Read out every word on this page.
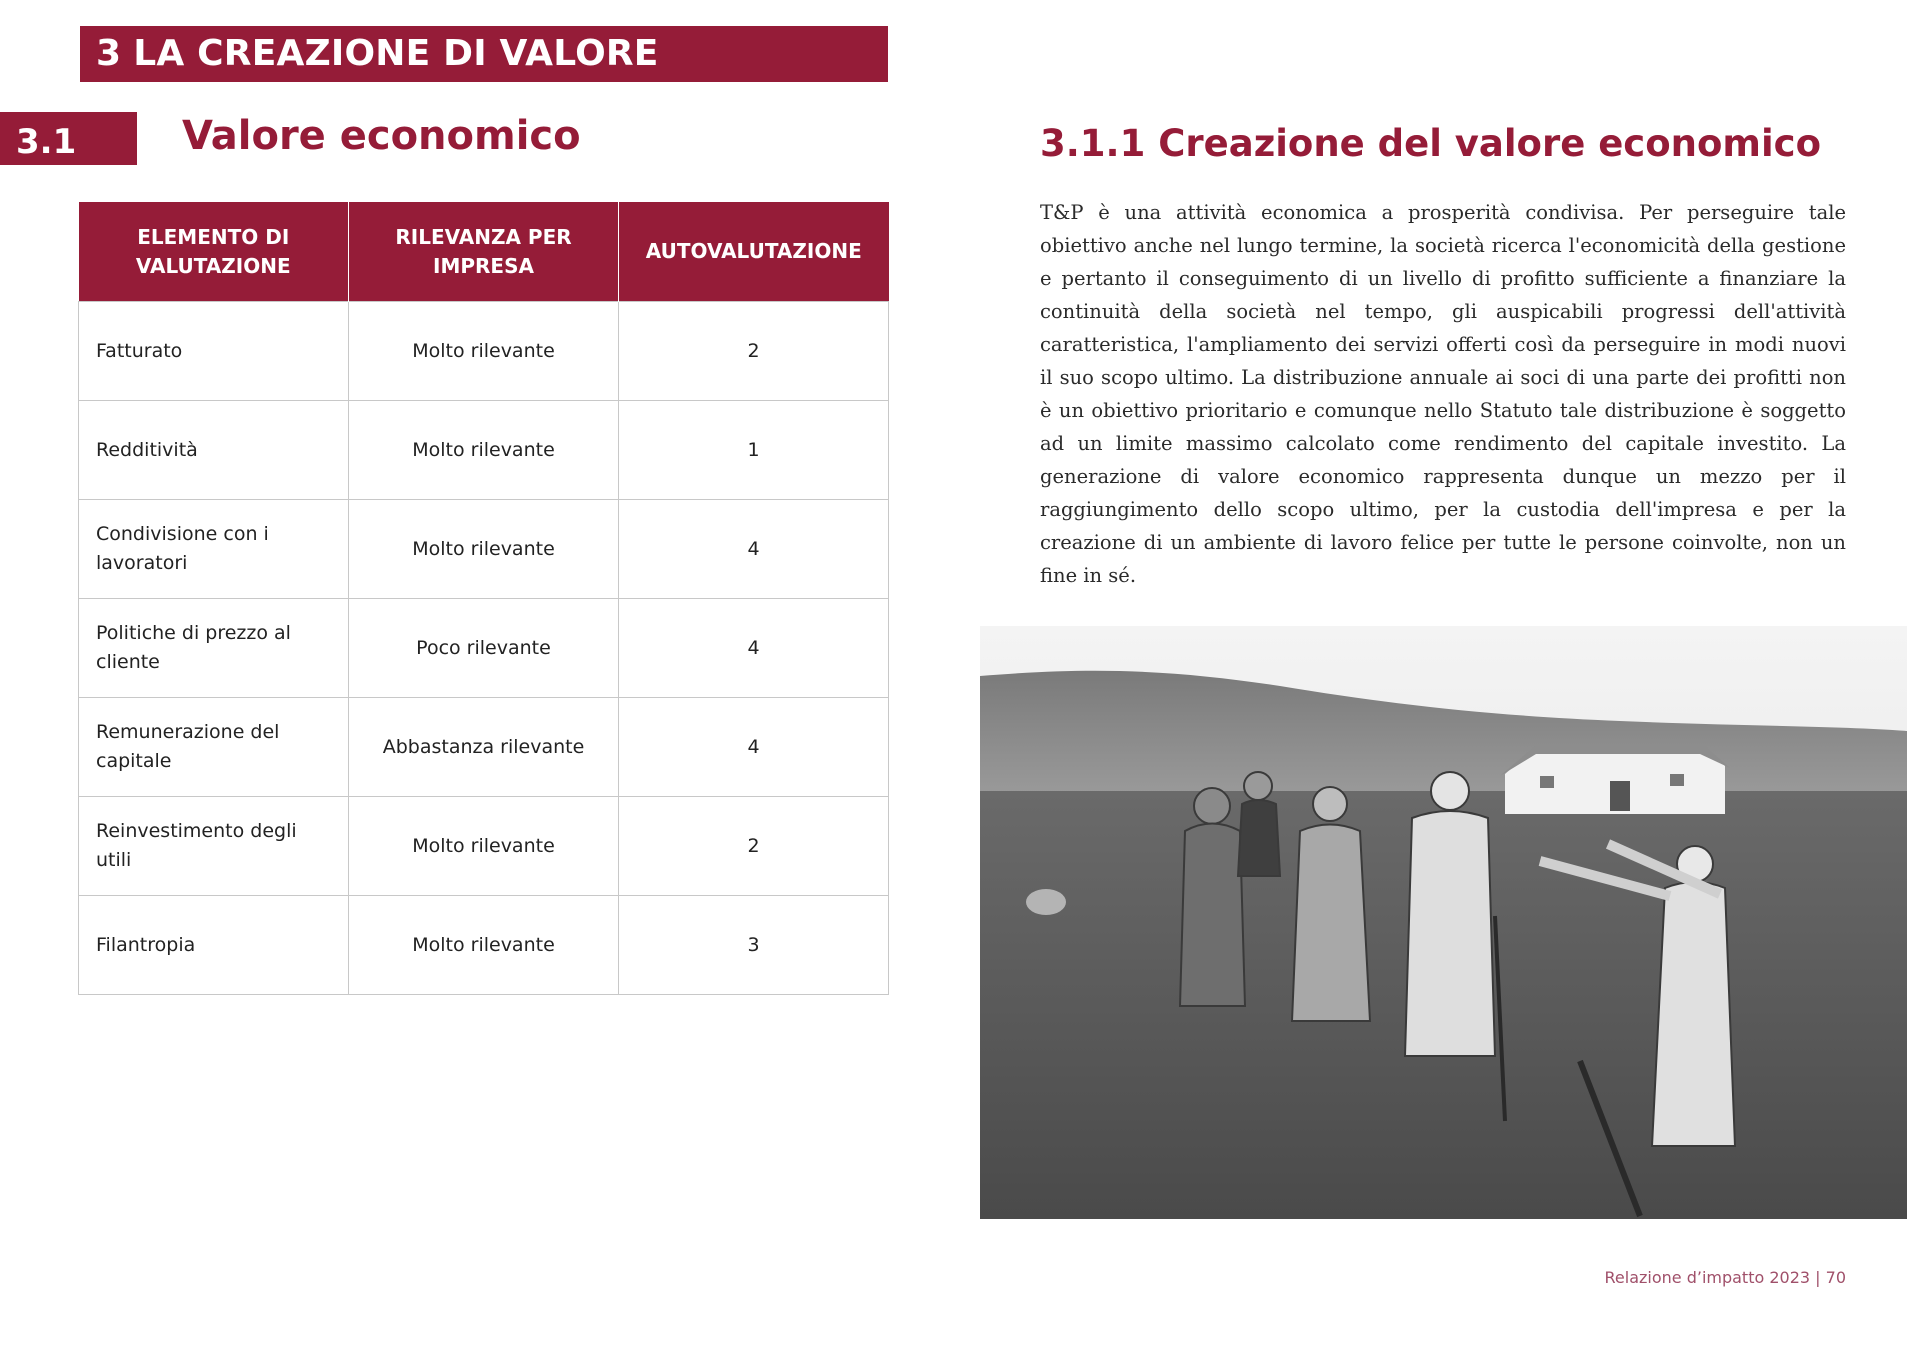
3 LA CREAZIONE DI VALORE
3.1	Valore economico
ELEMENTO DI VALUTAZIONE	RILEVANZA PER IMPRESA	AUTOVALUTAZIONE
Fatturato	Molto rilevante	2
Redditività	Molto rilevante	1
Condivisione con i lavoratori	Molto rilevante	4
Politiche di prezzo al cliente	Poco rilevante	4
Remunerazione del capitale	Abbastanza rilevante	4
Reinvestimento degli utili	Molto rilevante	2
Filantropia	Molto rilevante	3
3.1.1 Creazione del valore economico

T&P è una attività economica a prosperità condivisa. Per perseguire tale obiettivo anche nel lungo termine, la società ricerca l'economicità della gestione e pertanto il conseguimento di un livello di profitto sufficiente a finanziare la continuità della società nel tempo, gli auspicabili progressi dell'attività caratteristica, l'ampliamento dei servizi offerti così da perseguire in modi nuovi il suo scopo ultimo. La distribuzione annuale ai soci di una parte dei profitti non è un obiettivo prioritario e comunque nello Statuto tale distribuzione è soggetto ad un limite massimo calcolato come rendimento del capitale investito. La generazione di valore economico rappresenta dunque un mezzo per il raggiungimento dello scopo ultimo, per la custodia dell'impresa e per la creazione di un ambiente di lavoro felice per tutte le persone coinvolte, non un fine in sé.

Relazione d’impatto 2023 | 70
